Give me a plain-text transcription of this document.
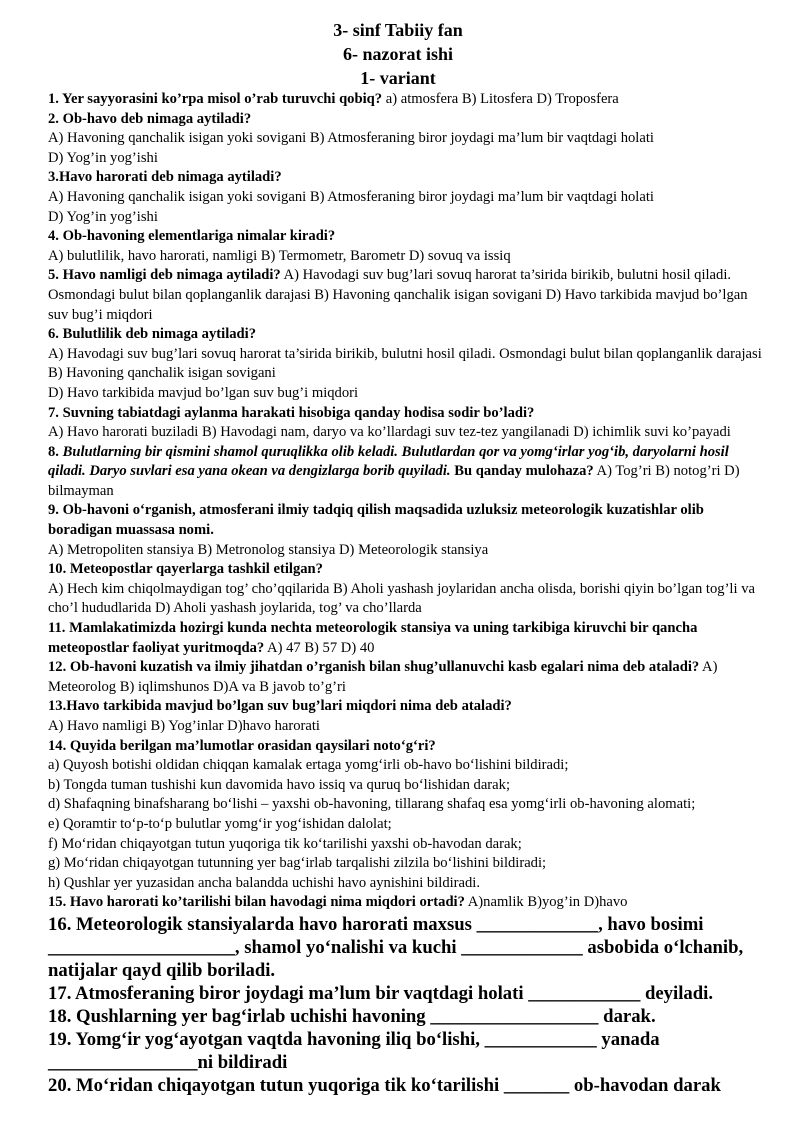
3- sinf Tabiiy fan
6- nazorat ishi
1- variant

1. Yer sayyorasini ko’rpa misol o’rab turuvchi qobiq? a) atmosfera B) Litosfera D) Troposfera

2. Ob-havo deb nimaga aytiladi?

A) Havoning qanchalik isigan yoki sovigani B) Atmosferaning biror joydagi ma’lum bir vaqtdagi holati

D) Yog’in yog’ishi

3.Havo harorati deb nimaga aytiladi?

A) Havoning qanchalik isigan yoki sovigani B) Atmosferaning biror joydagi ma’lum bir vaqtdagi holati

D) Yog’in yog’ishi

4. Ob-havoning elementlariga nimalar kiradi?

A) bulutlilik, havo harorati, namligi B) Termometr, Barometr D) sovuq va issiq

5. Havo namligi deb nimaga aytiladi? A) Havodagi suv bug’lari sovuq harorat ta’sirida birikib, bulutni hosil qiladi. Osmondagi bulut bilan qoplanganlik darajasi B) Havoning qanchalik isigan sovigani D) Havo tarkibida mavjud bo’lgan suv bug’i miqdori

6. Bulutlilik deb nimaga aytiladi?

A) Havodagi suv bug’lari sovuq harorat ta’sirida birikib, bulutni hosil qiladi. Osmondagi bulut bilan qoplanganlik darajasi B) Havoning qanchalik isigan sovigani

D) Havo tarkibida mavjud bo’lgan suv bug’i miqdori

7. Suvning tabiatdagi aylanma harakati hisobiga qanday hodisa sodir bo’ladi?

A) Havo harorati buziladi B) Havodagi nam, daryo va ko’llardagi suv tez-tez yangilanadi D) ichimlik suvi ko’payadi

8. Bulutlarning bir qismini shamol quruqlikka olib keladi. Bulutlardan qor va yomg‘irlar yog‘ib, daryolarni hosil qiladi. Daryo suvlari esa yana okean va dengizlarga borib quyiladi. Bu qanday mulohaza? A) Tog’ri B) notog’ri D) bilmayman

9. Ob-havoni o‘rganish, atmosferani ilmiy tadqiq qilish maqsadida uzluksiz meteorologik kuzatishlar olib boradigan muassasa nomi.

A) Metropoliten stansiya B) Metronolog stansiya D) Meteorologik stansiya

10. Meteopostlar qayerlarga tashkil etilgan?

A) Hech kim chiqolmaydigan tog’ cho’qqilarida B) Aholi yashash joylaridan ancha olisda, borishi qiyin bo’lgan tog’li va cho’l hududlarida D) Aholi yashash joylarida, tog’ va cho’llarda

11. Mamlakatimizda hozirgi kunda nechta meteorologik stansiya va uning tarkibiga kiruvchi bir qancha meteopostlar faoliyat yuritmoqda? A) 47 B) 57 D) 40

12. Ob-havoni kuzatish va ilmiy jihatdan o’rganish bilan shug’ullanuvchi kasb egalari nima deb ataladi? A) Meteorolog B) iqlimshunos D)A va B javob to’g’ri

13.Havo tarkibida mavjud bo’lgan suv bug’lari miqdori nima deb ataladi?

A) Havo namligi B) Yog’inlar D)havo harorati

14. Quyida berilgan ma’lumotlar orasidan qaysilari noto‘g‘ri?

a) Quyosh botishi oldidan chiqqan kamalak ertaga yomg‘irli ob-havo bo‘lishini bildiradi;

b) Tongda tuman tushishi kun davomida havo issiq va quruq bo‘lishidan darak;

d) Shafaqning binafsharang bo‘lishi – yaxshi ob-havoning, tillarang shafaq esa yomg‘irli ob-havoning alomati;

e) Qoramtir to‘p-to‘p bulutlar yomg‘ir yog‘ishidan dalolat;

f) Mo‘ridan chiqayotgan tutun yuqoriga tik ko‘tarilishi yaxshi ob-havodan darak;

g) Mo‘ridan chiqayotgan tutunning yer bag‘irlab tarqalishi zilzila bo‘lishini bildiradi;

h) Qushlar yer yuzasidan ancha balandda uchishi havo aynishini bildiradi.

15. Havo harorati ko’tarilishi bilan havodagi nima miqdori ortadi? A)namlik B)yog’in D)havo

16. Meteorologik stansiyalarda havo harorati maxsus _____________, havo bosimi ____________________, shamol yo‘nalishi va kuchi _____________ asbobida o‘lchanib, natijalar qayd qilib boriladi.

17. Atmosferaning biror joydagi ma’lum bir vaqtdagi holati ____________ deyiladi.

18. Qushlarning yer bag‘irlab uchishi havoning __________________ darak.

19. Yomg‘ir yog‘ayotgan vaqtda havoning iliq bo‘lishi, ____________ yanada ________________ni bildiradi

20. Mo‘ridan chiqayotgan tutun yuqoriga tik ko‘tarilishi _______ ob-havodan darak
